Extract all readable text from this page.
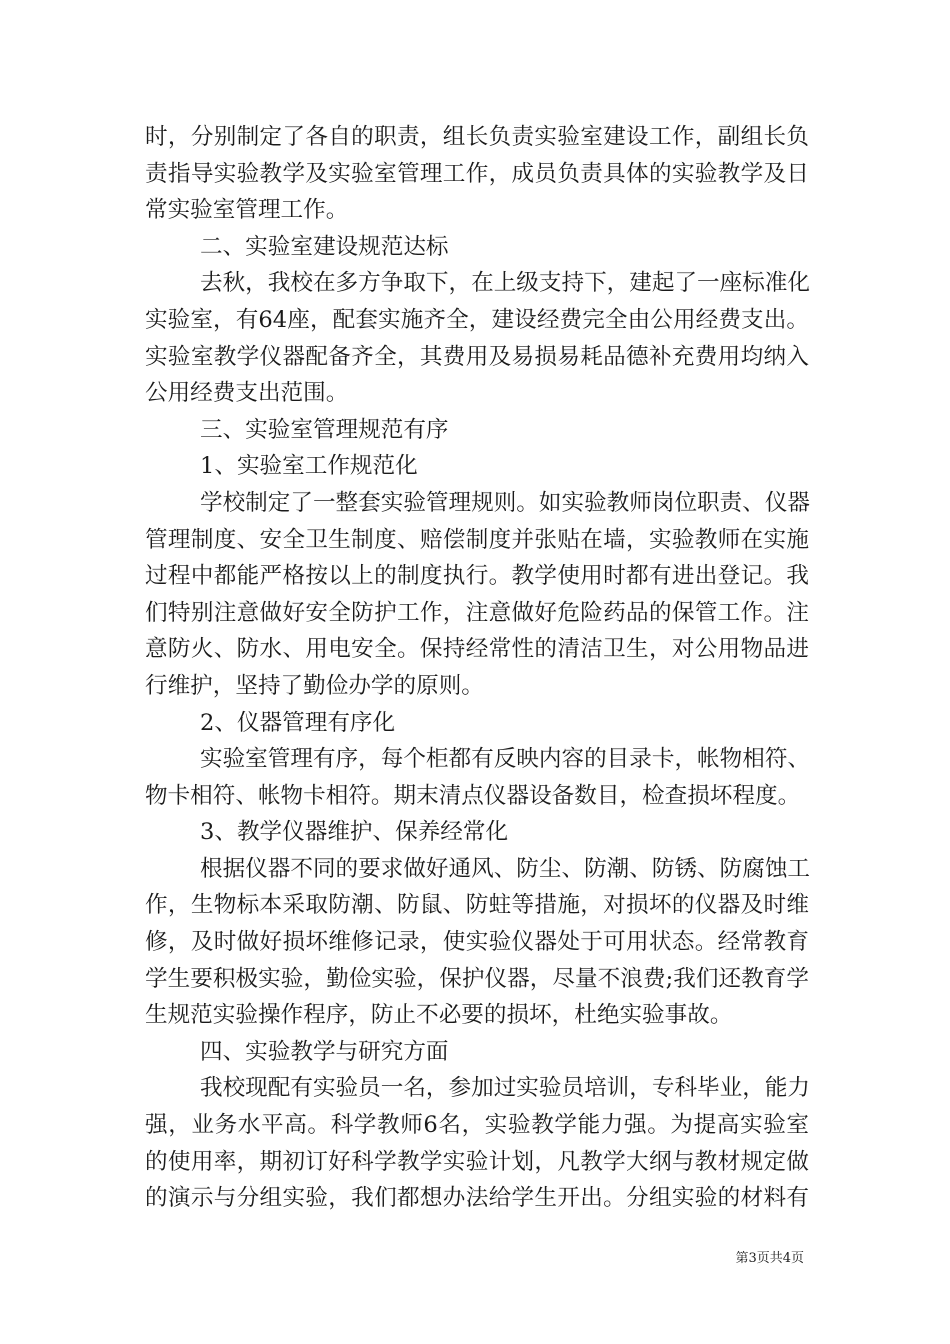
时，分别制定了各自的职责，组长负责实验室建设工作，副组长负
责指导实验教学及实验室管理工作，成员负责具体的实验教学及日
常实验室管理工作。
二、实验室建设规范达标
去秋，我校在多方争取下，在上级支持下，建起了一座标准化
实验室，有64座，配套实施齐全，建设经费完全由公用经费支出。
实验室教学仪器配备齐全，其费用及易损易耗品德补充费用均纳入
公用经费支出范围。
三、实验室管理规范有序
1、实验室工作规范化
学校制定了一整套实验管理规则。如实验教师岗位职责、仪器
管理制度、安全卫生制度、赔偿制度并张贴在墙，实验教师在实施
过程中都能严格按以上的制度执行。教学使用时都有进出登记。我
们特别注意做好安全防护工作，注意做好危险药品的保管工作。注
意防火、防水、用电安全。保持经常性的清洁卫生，对公用物品进
行维护，坚持了勤俭办学的原则。
2、仪器管理有序化
实验室管理有序，每个柜都有反映内容的目录卡，帐物相符、
物卡相符、帐物卡相符。期末清点仪器设备数目，检查损坏程度。
3、教学仪器维护、保养经常化
根据仪器不同的要求做好通风、防尘、防潮、防锈、防腐蚀工
作，生物标本采取防潮、防鼠、防蛀等措施，对损坏的仪器及时维
修，及时做好损坏维修记录，使实验仪器处于可用状态。经常教育
学生要积极实验，勤俭实验，保护仪器，尽量不浪费;我们还教育学
生规范实验操作程序，防止不必要的损坏，杜绝实验事故。
四、实验教学与研究方面
我校现配有实验员一名，参加过实验员培训，专科毕业，能力
强，业务水平高。科学教师6名，实验教学能力强。为提高实验室
的使用率，期初订好科学教学实验计划，凡教学大纲与教材规定做
的演示与分组实验，我们都想办法给学生开出。分组实验的材料有
第3页共4页
